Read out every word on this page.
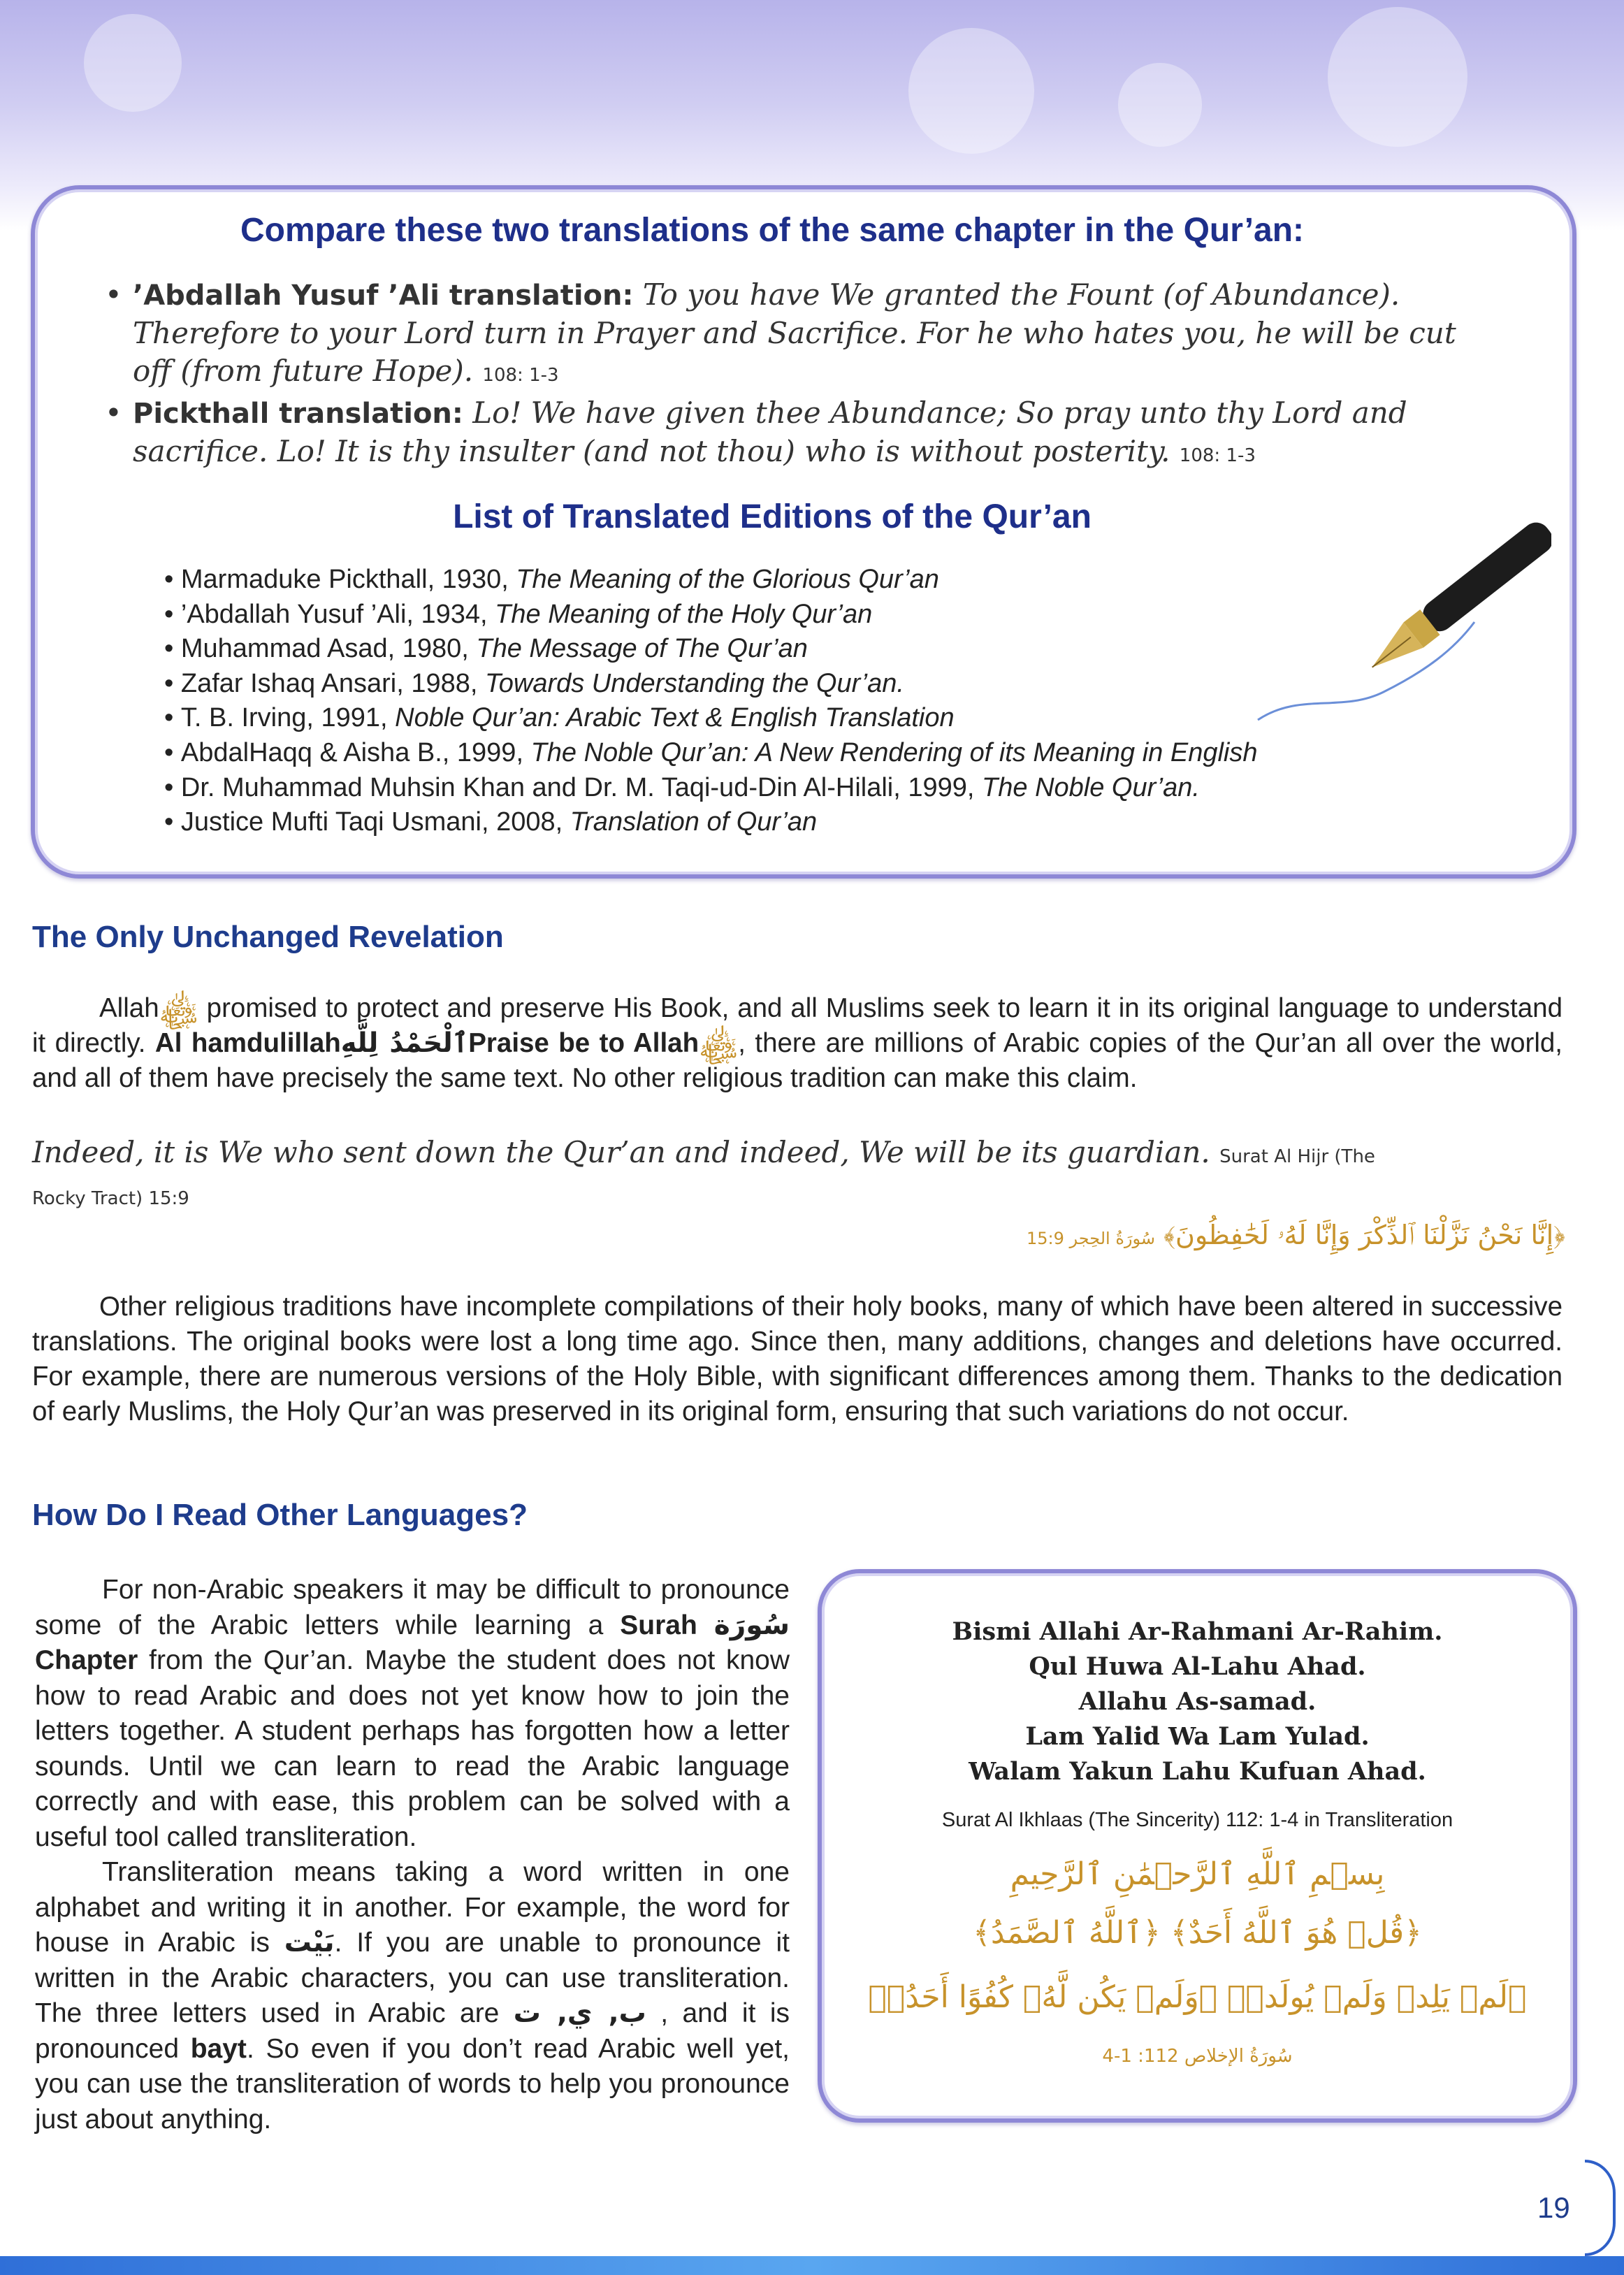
Compare these two translations of the same chapter in the Qur’an:
• ’Abdallah Yusuf ’Ali translation: To you have We granted the Fount (of Abundance). Therefore to your Lord turn in Prayer and Sacrifice. For he who hates you, he will be cut off (from future Hope). 108: 1-3
• Pickthall translation: Lo! We have given thee Abundance; So pray unto thy Lord and sacrifice. Lo! It is thy insulter (and not thou) who is without posterity. 108: 1-3
List of Translated Editions of the Qur’an
• Marmaduke Pickthall, 1930, The Meaning of the Glorious Qur’an
• ’Abdallah Yusuf ’Ali, 1934, The Meaning of the Holy Qur’an
• Muhammad Asad, 1980, The Message of The Qur’an
• Zafar Ishaq Ansari, 1988, Towards Understanding the Qur’an.
• T. B. Irving, 1991, Noble Qur’an: Arabic Text & English Translation
• AbdalHaqq & Aisha B., 1999, The Noble Qur’an: A New Rendering of its Meaning in English
• Dr. Muhammad Muhsin Khan and Dr. M. Taqi-ud-Din Al-Hilali, 1999, The Noble Qur’an.
• Justice Mufti Taqi Usmani, 2008, Translation of Qur’an
The Only Unchanged Revelation

Allah﷾ promised to protect and preserve His Book, and all Muslims seek to learn it in its original language to understand it directly. Al hamdulillahٱلْحَمْدُ لِلَّهِPraise be to Allah﷾, there are millions of Arabic copies of the Qur’an all over the world, and all of them have precisely the same text. No other religious tradition can make this claim.

Indeed, it is We who sent down the Qur’an and indeed, We will be its guardian. Surat Al Hijr (The Rocky Tract) 15:9
﴿إِنَّا نَحْنُ نَزَّلْنَا ٱلذِّكْرَ وَإِنَّا لَهُۥ لَحَٰفِظُونَ﴾ سُورَةُ الحِجر 15:9

Other religious traditions have incomplete compilations of their holy books, many of which have been altered in successive translations. The original books were lost a long time ago. Since then, many additions, changes and deletions have occurred. For example, there are numerous versions of the Holy Bible, with significant differences among them. Thanks to the dedication of early Muslims, the Holy Qur’an was preserved in its original form, ensuring that such variations do not occur.

How Do I Read Other Languages?

For non-Arabic speakers it may be difficult to pronounce some of the Arabic letters while learning a Surah سُورَة Chapter from the Qur’an. Maybe the student does not know how to read Arabic and does not yet know how to join the letters together. A student perhaps has forgotten how a letter sounds. Until we can learn to read the Arabic language correctly and with ease, this problem can be solved with a useful tool called transliteration.

Transliteration means taking a word written in one alphabet and writing it in another. For example, the word for house in Arabic is بَيْت. If you are unable to pronounce it written in the Arabic characters, you can use transliteration. The three letters used in Arabic are ب, ي, ت , and it is pronounced bayt. So even if you don’t read Arabic well yet, you can use the transliteration of words to help you pronounce just about anything.

Bismi Allahi Ar-Rahmani Ar-Rahim.
Qul Huwa Al-Lahu Ahad.
Allahu As-samad.
Lam Yalid Wa Lam Yulad.
Walam Yakun Lahu Kufuan Ahad.
Surat Al Ikhlaas (The Sincerity) 112: 1-4 in Transliteration
بِسۡمِ ٱللَّهِ ٱلرَّحۡمَٰنِ ٱلرَّحِيمِ
﴿قُلۡ هُوَ ٱللَّهُ أَحَدٌ﴾ ﴿ٱللَّهُ ٱلصَّمَدُ﴾
﴿لَمۡ يَلِدۡ وَلَمۡ يُولَدۡ﴾ ﴿وَلَمۡ يَكُن لَّهُۥ كُفُوًا أَحَدُۢ﴾
سُورَةُ الإخلاص 112: 1-4
19
